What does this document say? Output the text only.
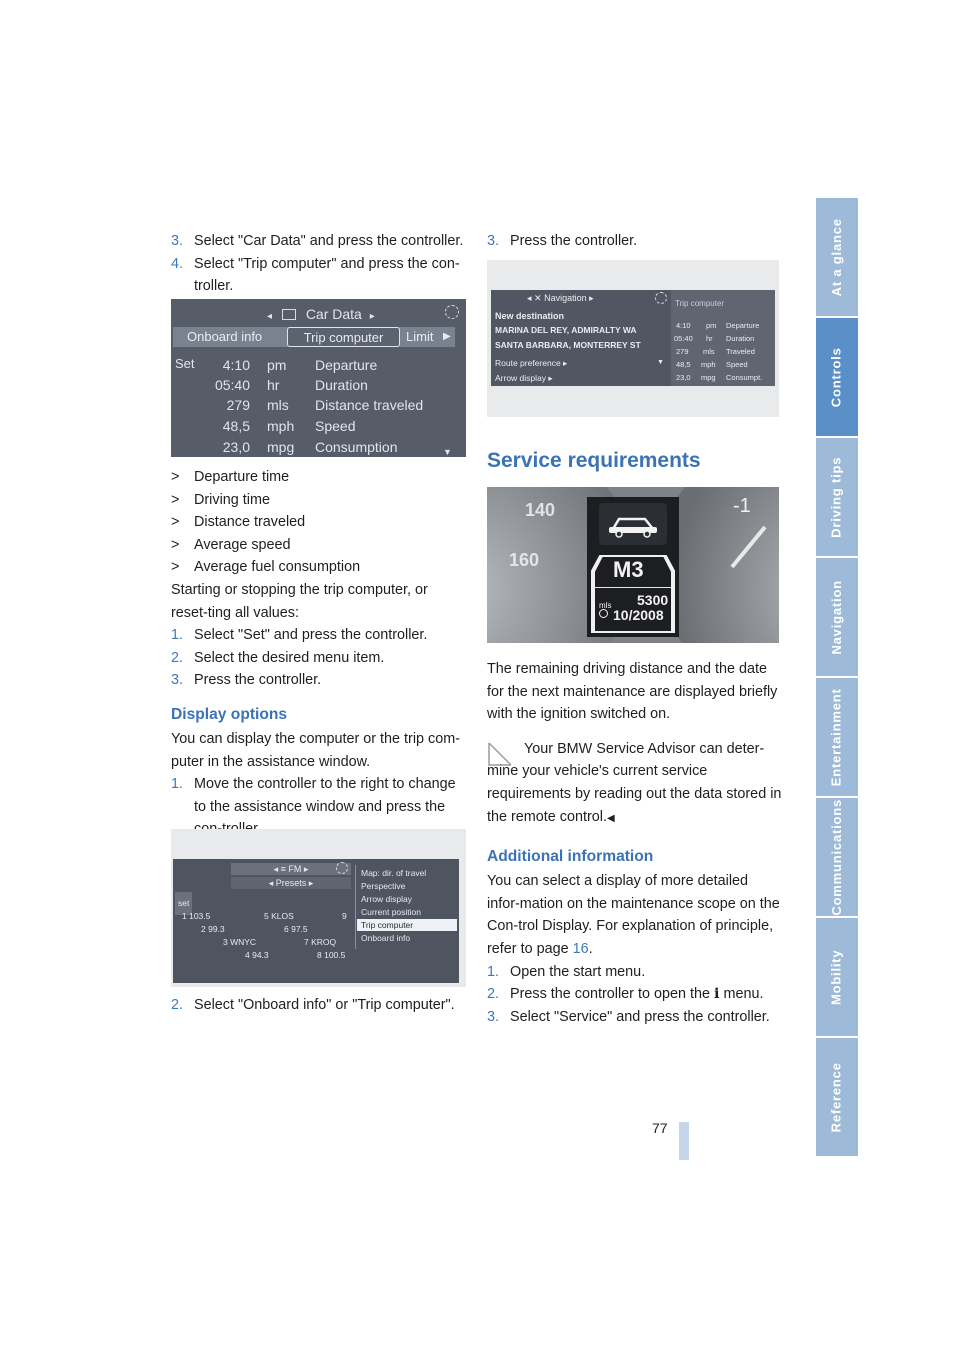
At a glance
Controls
Driving tips
Navigation
Entertainment
Communications
Mobility
Reference

3. Select "Car Data" and press the controller.

4. Select "Trip computer" and press the con-troller.

◂ Car Data ▸
Onboard info	Trip computer	Limit ▶
Set	4:10 pm Departure
05:40 hr	Duration
279 mls Distance traveled
48,5 mph Speed
23,0 mpg Consumption	▼

> Departure time

> Driving time

> Distance traveled

> Average speed

> Average fuel consumption

Starting or stopping the trip computer, or reset-ting all values:

1. Select "Set" and press the controller.

2. Select the desired menu item.

3. Press the controller.

Display options

You can display the computer or the trip com-puter in the assistance window.

1. Move the controller to the right to change to the assistance window and press the

◂ ≡ FM ▸
◂ Presets ▸
set
1 103.5	5 KLOS	9
2 99.3	6 97.5
3 WNYC	7 KROQ
4 94.3	8 100.5
Map: dir. of travel
Perspective
Arrow display
Current position
Trip computer
Onboard info

2. Select "Onboard info" or "Trip computer".

3. Press the controller.

◂ ✕ Navigation ▸
New destination
MARINA DEL REY, ADMIRALTY WA
SANTA BARBARA, MONTERREY ST
Route preference ▸
Arrow display ▸
▼
Trip computer
4:10 pm Departure
05:40 hr Duration
279 mls Traveled
48,5 mph Speed
23,0 mpg Consumpt.
Service requirements
140
160
-1
M3
mls 5300
10/2008

The remaining driving distance and the date for the next maintenance are displayed briefly with the ignition switched on.

Your BMW Service Advisor can deter-mine your vehicle's current service requirements by reading out the data stored in the remote control.◀

Additional information

You can select a display of more detailed infor-mation on the maintenance scope on the Con-trol Display. For explanation of principle, refer to page 16.

1. Open the start menu.

2. Press the controller to open the i menu.

3. Select "Service" and press the controller.

77
